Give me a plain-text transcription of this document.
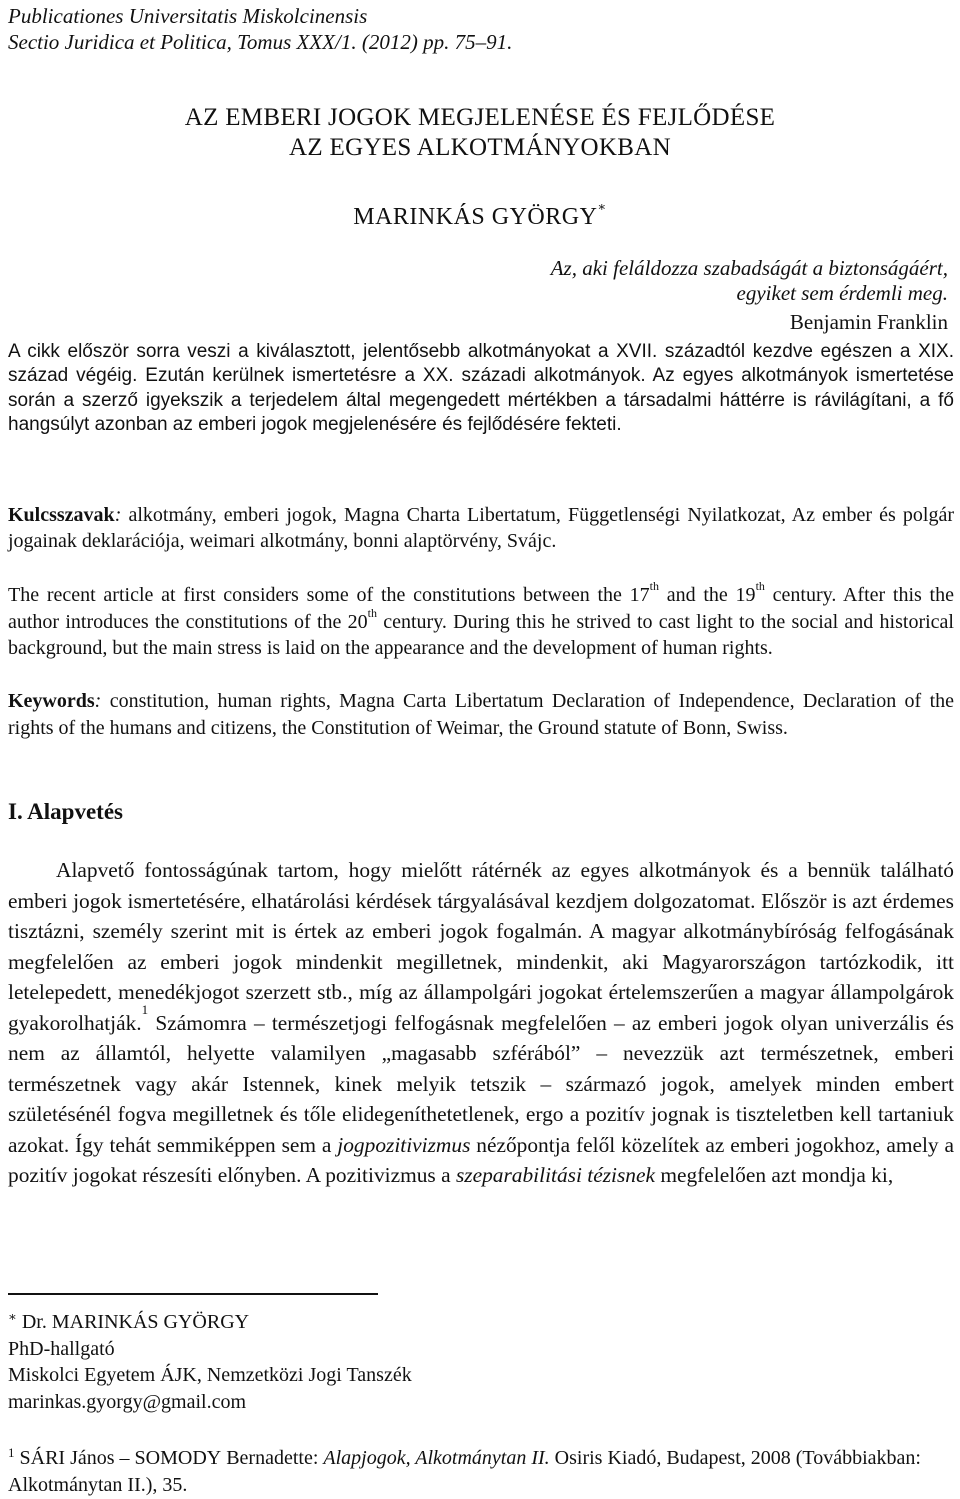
Publicationes Universitatis Miskolcinensis
Sectio Juridica et Politica, Tomus XXX/1. (2012) pp. 75–91.
AZ EMBERI JOGOK MEGJELENÉSE ÉS FEJLŐDÉSE
AZ EGYES ALKOTMÁNYOKBAN
MARINKÁS GYÖRGY∗
Az, aki feláldozza szabadságát a biztonságáért,
egyiket sem érdemli meg.
Benjamin Franklin
A cikk először sorra veszi a kiválasztott, jelentősebb alkotmányokat a XVII. századtól kezdve egészen a XIX. század végéig. Ezután kerülnek ismertetésre a XX. századi alkotmányok. Az egyes alkotmányok ismertetése során a szerző igyekszik a terjedelem által megengedett mértékben a társadalmi háttérre is rávilágítani, a fő hangsúlyt azonban az emberi jogok megjelenésére és fejlődésére fekteti.
Kulcsszavak: alkotmány, emberi jogok, Magna Charta Libertatum, Függetlenségi Nyilatkozat, Az ember és polgár jogainak deklarációja, weimari alkotmány, bonni alaptörvény, Svájc.
The recent article at first considers some of the constitutions between the 17th and the 19th century. After this the author introduces the constitutions of the 20th century. During this he strived to cast light to the social and historical background, but the main stress is laid on the appearance and the development of human rights.
Keywords: constitution, human rights, Magna Carta Libertatum Declaration of Independence, Declaration of the rights of the humans and citizens, the Constitution of Weimar, the Ground statute of Bonn, Swiss.
I. Alapvetés

Alapvető fontosságúnak tartom, hogy mielőtt rátérnék az egyes alkotmányok és a bennük található emberi jogok ismertetésére, elhatárolási kérdések tárgyalásával kezdjem dolgozatomat. Először is azt érdemes tisztázni, személy szerint mit is értek az emberi jogok fogalmán. A magyar alkotmánybíróság felfogásának megfelelően az emberi jogok mindenkit megilletnek, mindenkit, aki Magyarországon tartózkodik, itt letelepedett, menedékjogot szerzett stb., míg az állampolgári jogokat értelemszerűen a magyar állampolgárok gyakorolhatják.$^1$ Számomra – természetjogi felfogásnak megfelelően – az emberi jogok olyan univerzális és nem az államtól, helyette valamilyen „magasabb szférából” – nevezzük azt természetnek, emberi természetnek vagy akár Istennek, kinek melyik tetszik – származó jogok, amelyek minden embert születésénél fogva megilletnek és tőle elidegeníthetetlenek, ergo a pozitív jognak is tiszteletben kell tartaniuk azokat. Így tehát semmiképpen sem a jogpozitivizmus nézőpontja felől közelítek az emberi jogokhoz, amely a pozitív jogokat részesíti előnyben. A pozitivizmus a szeparabilitási tézisnek megfelelően azt mondja ki,

∗ Dr. MARINKÁS GYÖRGY
PhD-hallgató
Miskolci Egyetem ÁJK, Nemzetközi Jogi Tanszék
marinkas.gyorgy@gmail.com
$^1$ SÁRI János – SOMODY Bernadette: Alapjogok, Alkotmánytan II. Osiris Kiadó, Budapest, 2008 (Továbbiakban: Alkotmánytan II.), 35.
